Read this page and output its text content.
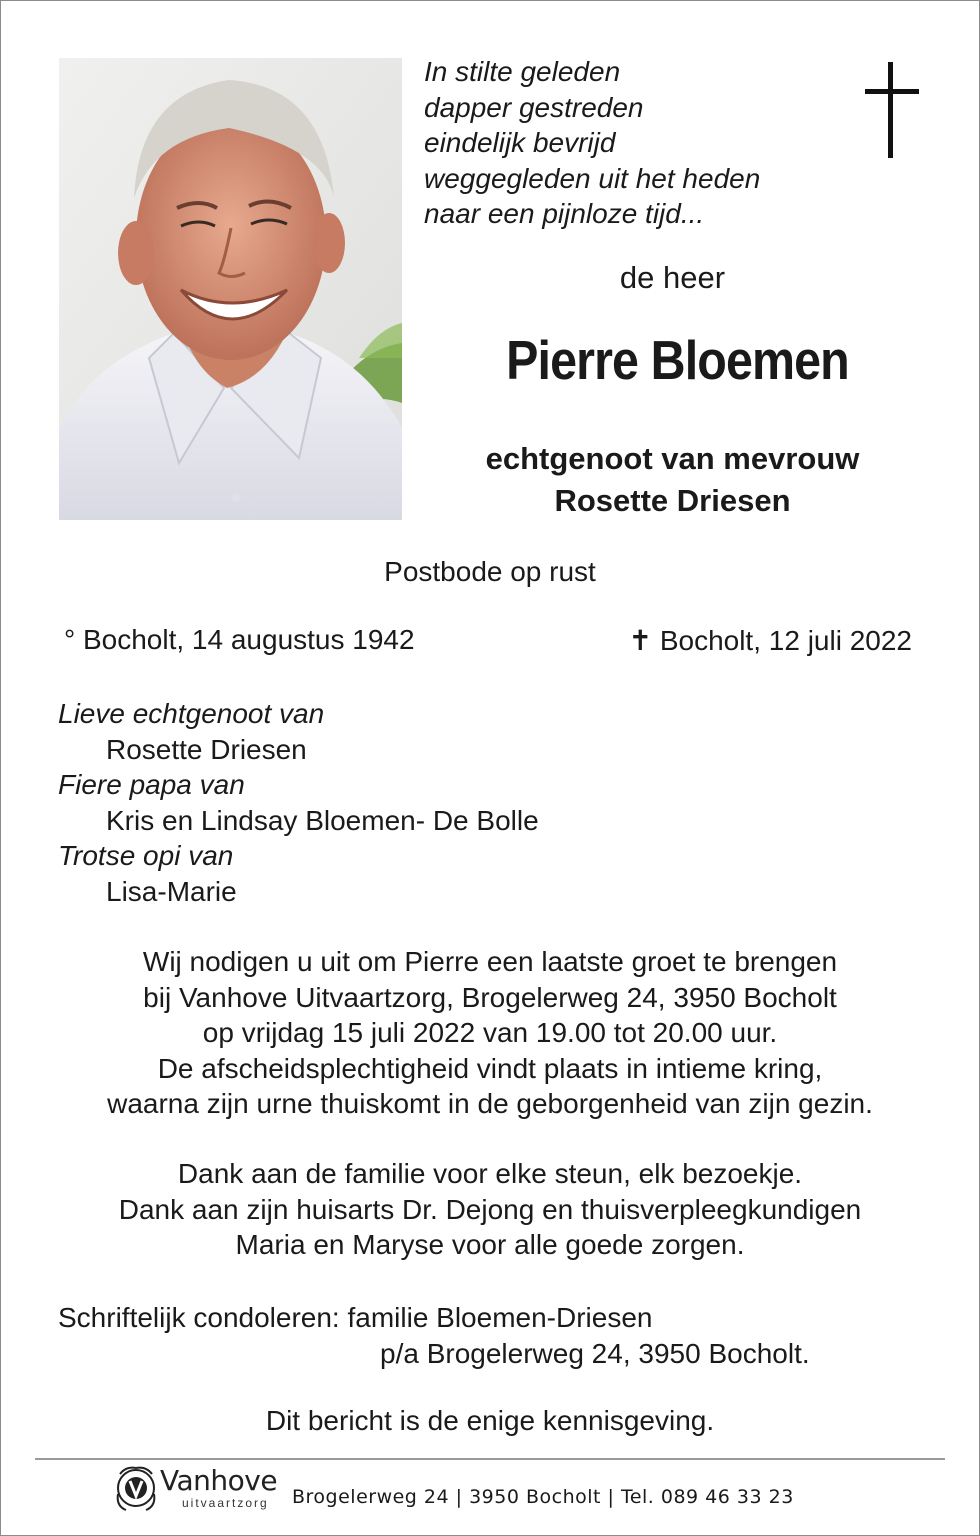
In stilte geleden
dapper gestreden
eindelijk bevrijd
weggegleden uit het heden
naar een pijnloze tijd...
de heer
Pierre Bloemen
echtgenoot van mevrouw
Rosette Driesen
Postbode op rust
° Bocholt, 14 augustus 1942	✝ Bocholt, 12 juli 2022
Lieve echtgenoot van
Rosette Driesen
Fiere papa van
Kris en Lindsay Bloemen- De Bolle
Trotse opi van
Lisa-Marie
Wij nodigen u uit om Pierre een laatste groet te brengen
bij Vanhove Uitvaartzorg, Brogelerweg 24, 3950 Bocholt
op vrijdag 15 juli 2022 van 19.00 tot 20.00 uur.
De afscheidsplechtigheid vindt plaats in intieme kring,
waarna zijn urne thuiskomt in de geborgenheid van zijn gezin.
Dank aan de familie voor elke steun, elk bezoekje.
Dank aan zijn huisarts Dr. Dejong en thuisverpleegkundigen
Maria en Maryse voor alle goede zorgen.
Schriftelijk condoleren: familie Bloemen-Driesen
p/a Brogelerweg 24, 3950 Bocholt.
Dit bericht is de enige kennisgeving.
Vanhove
uitvaartzorg Brogelerweg 24 | 3950 Bocholt | Tel. 089 46 33 23
